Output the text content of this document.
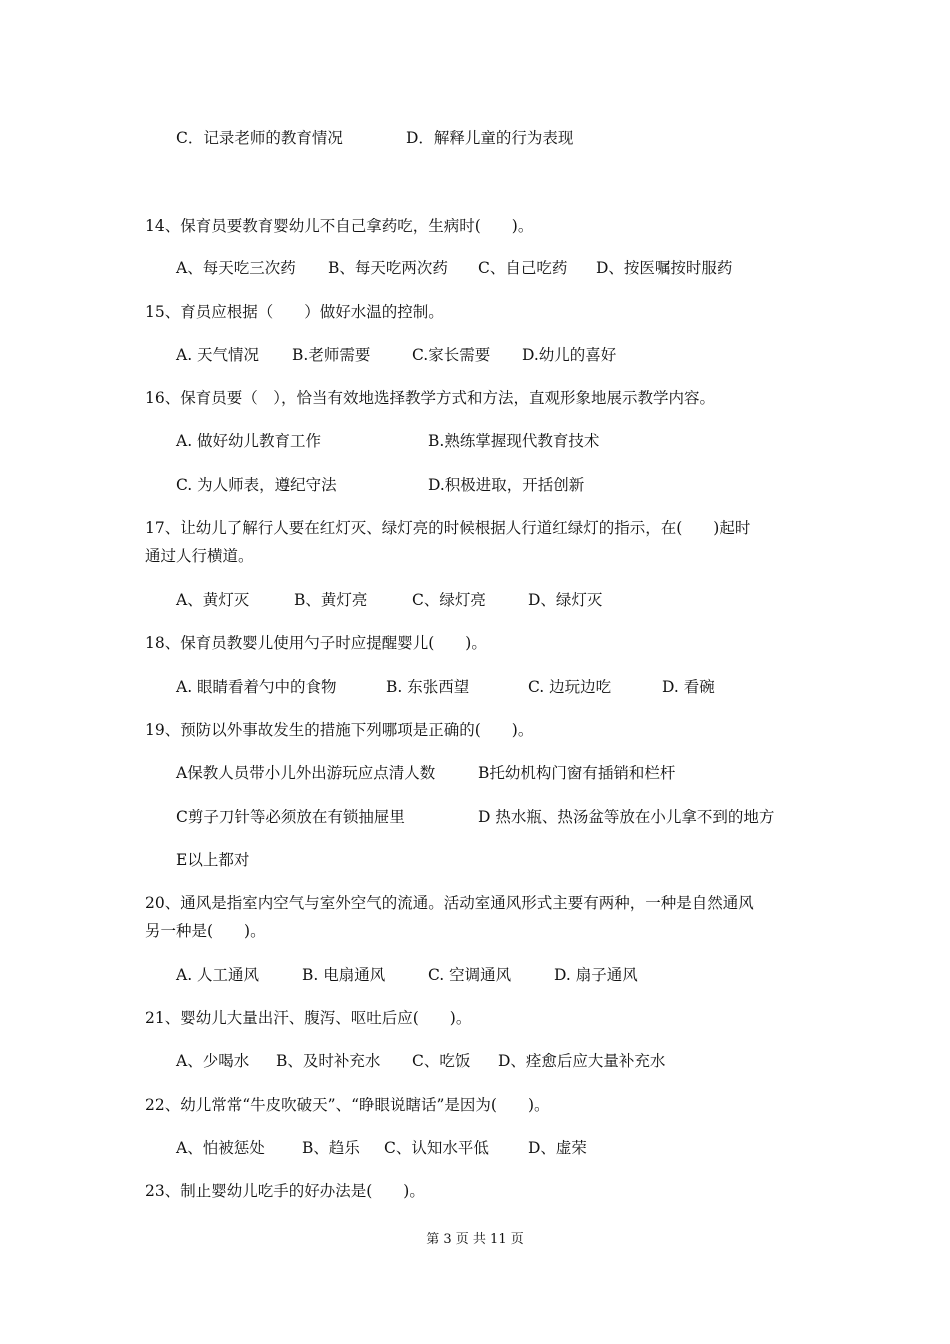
C．记录老师的教育情况	D．解释儿童的行为表现
14、保育员要教育婴幼儿不自己拿药吃，生病时(　　)。
A、每天吃三次药 B、每天吃两次药 C、自己吃药 D、按医嘱按时服药
15、育员应根据（　　）做好水温的控制。
A. 天气情况 B.老师需要	C.家长需要 D.幼儿的喜好
16、保育员要（　），恰当有效地选择教学方式和方法，直观形象地展示教学内容。
A. 做好幼儿教育工作	B.熟练掌握现代教育技术
C. 为人师表，遵纪守法	D.积极进取，开括创新
17、让幼儿了解行人要在红灯灭、绿灯亮的时候根据人行道红绿灯的指示，在(　　)起时
通过人行横道。
A、黄灯灭	B、黄灯亮	C、绿灯亮	D、绿灯灭
18、保育员教婴儿使用勺子时应提醒婴儿(　　)。
A. 眼睛看着勺中的食物	B. 东张西望	C. 边玩边吃	D. 看碗
19、预防以外事故发生的措施下列哪项是正确的(　　)。
A保教人员带小儿外出游玩应点清人数	B托幼机构门窗有插销和栏杆
C剪子刀针等必须放在有锁抽屉里	D 热水瓶、热汤盆等放在小儿拿不到的地方
E以上都对
20、通风是指室内空气与室外空气的流通。活动室通风形式主要有两种，一种是自然通风
另一种是(　　)。
A. 人工通风	B. 电扇通风	C. 空调通风	D. 扇子通风
21、婴幼儿大量出汗、腹泻、呕吐后应(　　)。
A、少喝水 B、及时补充水 C、吃饭 D、痊愈后应大量补充水
22、幼儿常常“牛皮吹破天”、“睁眼说瞎话”是因为(　　)。
A、怕被惩处 B、趋乐 C、认知水平低	D、虚荣
23、制止婴幼儿吃手的好办法是(　　)。
第 3 页 共 11 页
